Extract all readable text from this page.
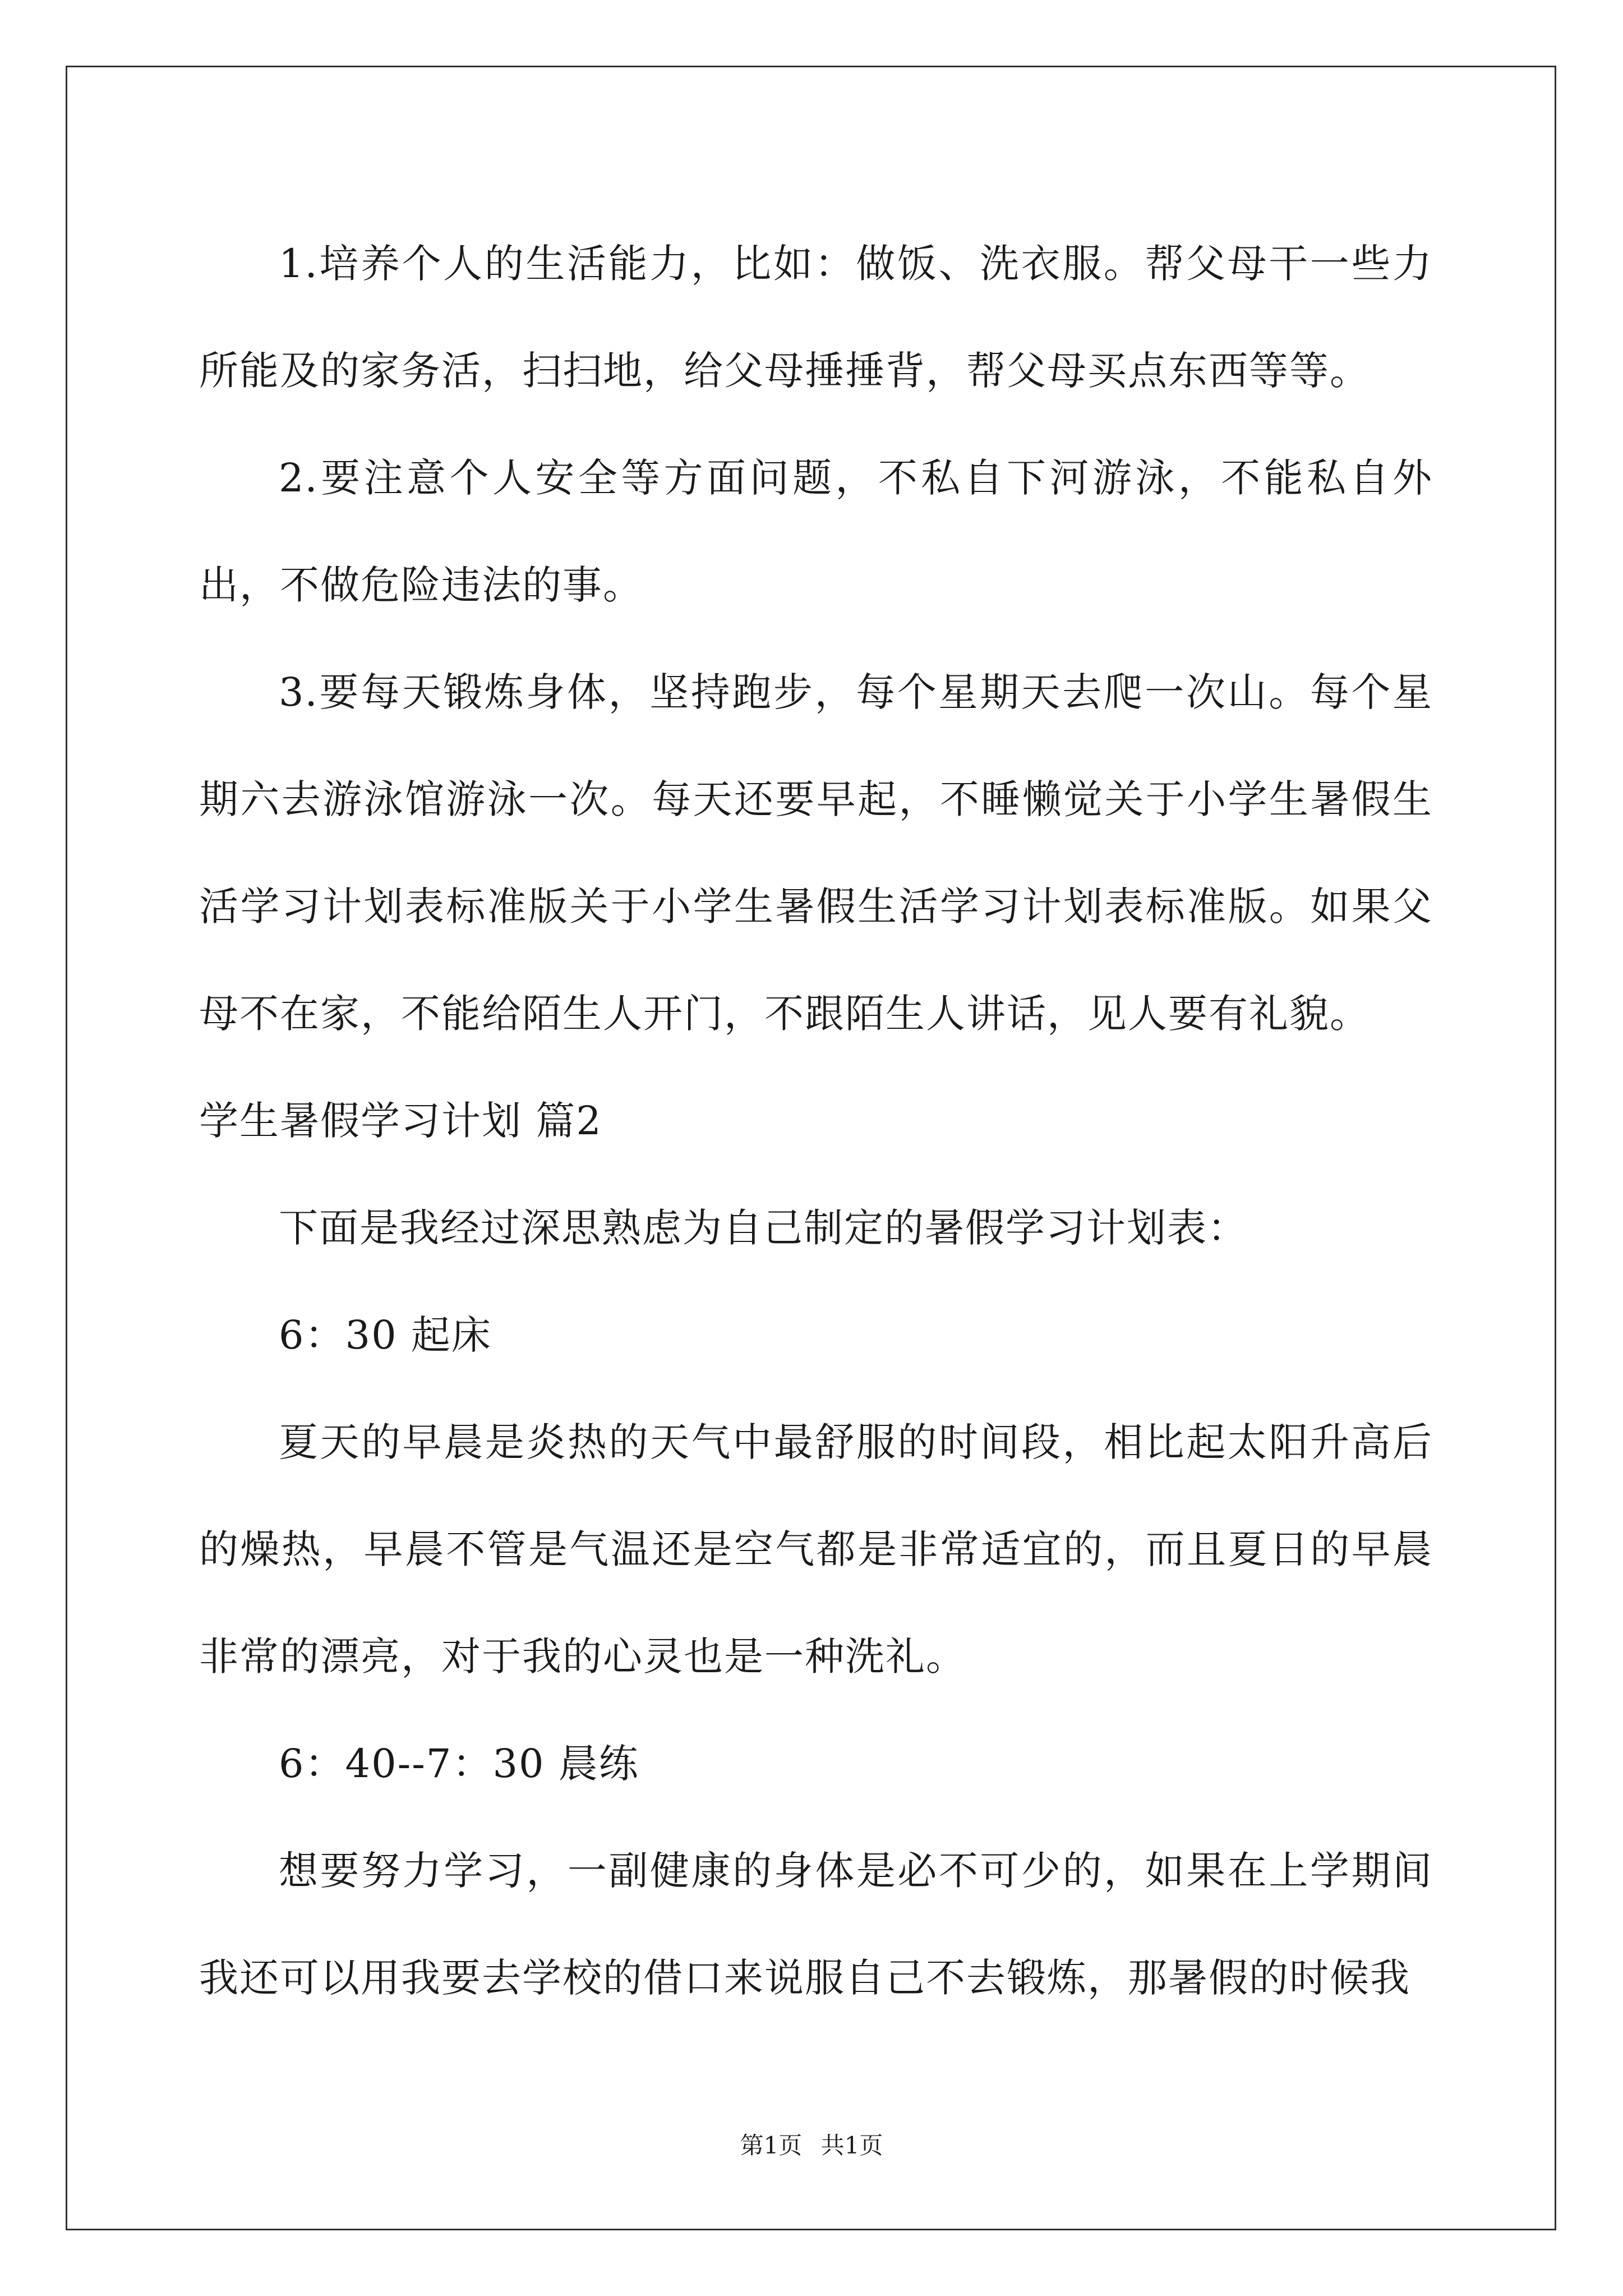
1.培养个人的生活能力，比如：做饭、洗衣服。帮父母干一些力所能及的家务活，扫扫地，给父母捶捶背，帮父母买点东西等等。

2.要注意个人安全等方面问题，不私自下河游泳，不能私自外出，不做危险违法的事。

3.要每天锻炼身体，坚持跑步，每个星期天去爬一次山。每个星期六去游泳馆游泳一次。每天还要早起，不睡懒觉关于小学生暑假生活学习计划表标准版关于小学生暑假生活学习计划表标准版。如果父母不在家，不能给陌生人开门，不跟陌生人讲话，见人要有礼貌。

学生暑假学习计划 篇2

下面是我经过深思熟虑为自己制定的暑假学习计划表：

6：30 起床

夏天的早晨是炎热的天气中最舒服的时间段，相比起太阳升高后的燥热，早晨不管是气温还是空气都是非常适宜的，而且夏日的早晨非常的漂亮，对于我的心灵也是一种洗礼。

6：40--7：30 晨练

想要努力学习，一副健康的身体是必不可少的，如果在上学期间我还可以用我要去学校的借口来说服自己不去锻炼，那暑假的时候我

第1页 共1页
